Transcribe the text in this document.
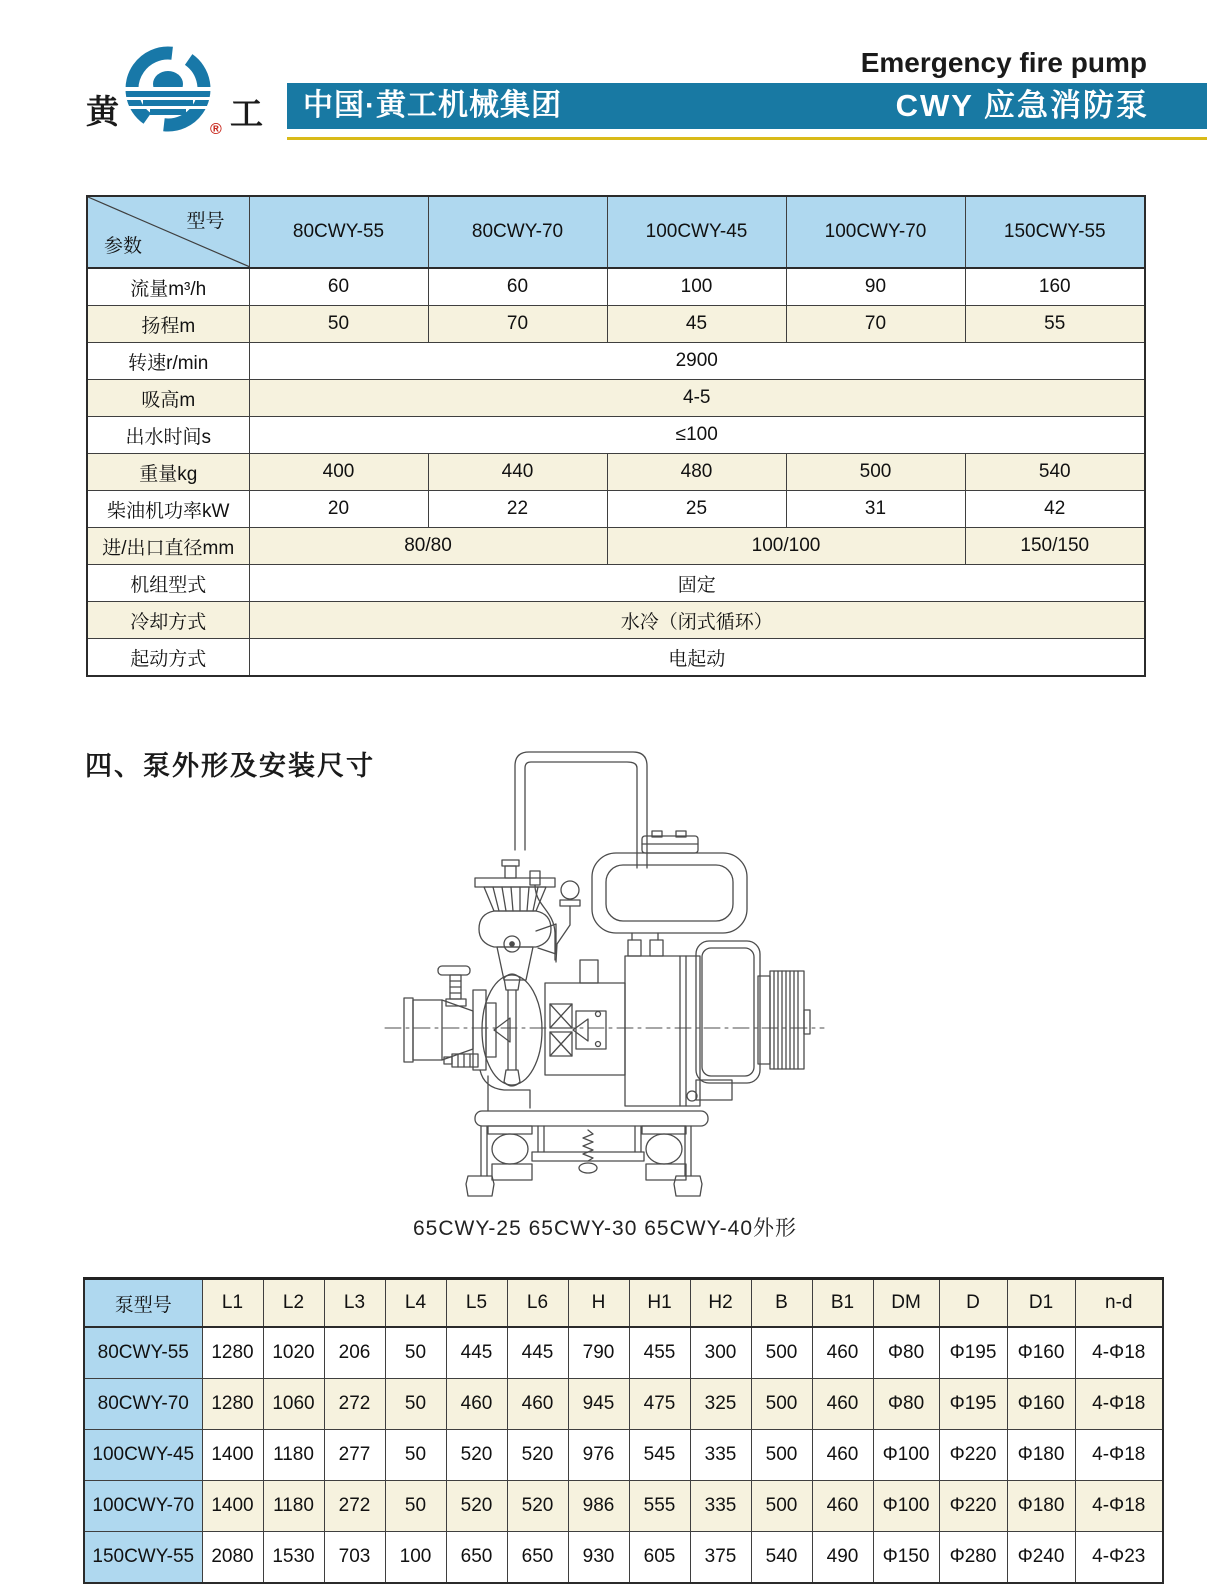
黄	工
®
Emergency fire pump
中国·黄工机械集团	CWY 应急消防泵
型号
参数	80CWY-55	80CWY-70	100CWY-45	100CWY-70	150CWY-55
流量m³/h	60	60	100	90	160
扬程m	50	70	45	70	55
转速r/min	2900				
吸高m	4-5				
出水时间s	≤100				
重量kg	400	440	480	500	540
柴油机功率kW	20	22	25	31	42
进/出口直径mm	80/80		100/100		150/150
机组型式	固定				
冷却方式	水冷（闭式循环）				
起动方式	电起动				
四、泵外形及安装尺寸
65CWY-25 65CWY-30 65CWY-40外形
泵型号	L1	L2	L3	L4	L5	L6	H	H1	H2	B	B1	DM	D	D1	n-d
80CWY-55	1280	1020	206	50	445	445	790	455	300	500	460	Φ80	Φ195	Φ160	4-Φ18
80CWY-70	1280	1060	272	50	460	460	945	475	325	500	460	Φ80	Φ195	Φ160	4-Φ18
100CWY-45	1400	1180	277	50	520	520	976	545	335	500	460	Φ100	Φ220	Φ180	4-Φ18
100CWY-70	1400	1180	272	50	520	520	986	555	335	500	460	Φ100	Φ220	Φ180	4-Φ18
150CWY-55	2080	1530	703	100	650	650	930	605	375	540	490	Φ150	Φ280	Φ240	4-Φ23
